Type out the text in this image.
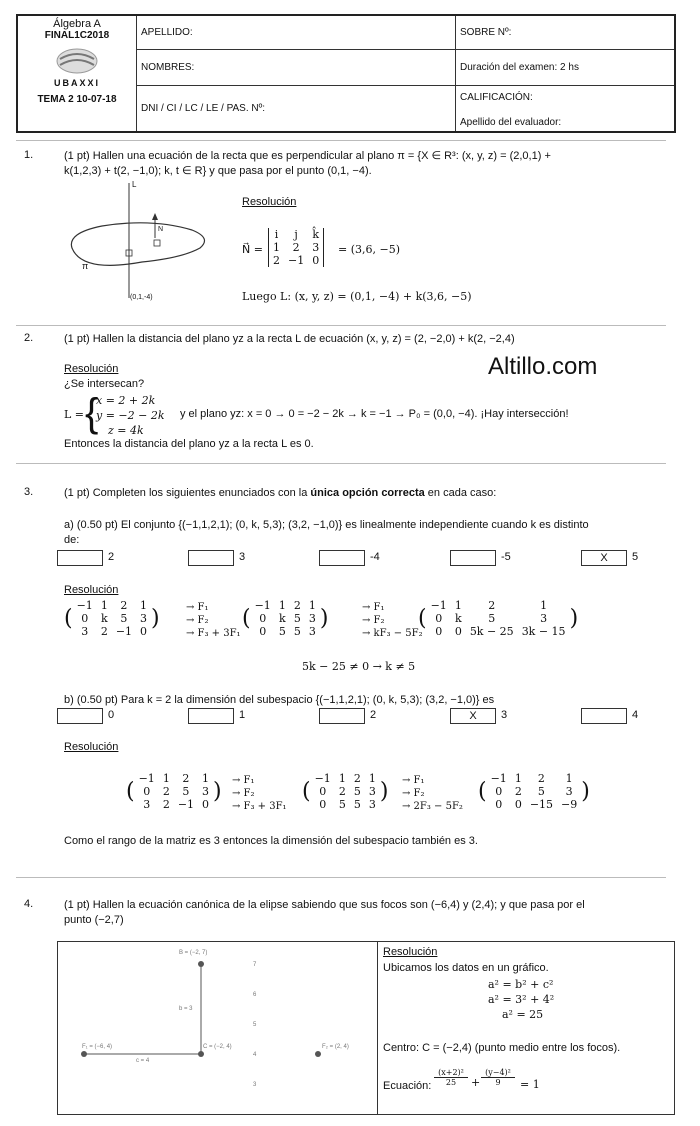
Álgebra A
FINAL1C2018
UBAXXI
TEMA 2 10-07-18	APELLIDO:	SOBRE Nº:
	NOMBRES:	Duración del examen: 2 hs
	DNI / CI / LC / LE / PAS. Nº:	CALIFICACIÓN:
Apellido del evaluador:
1.	(1 pt) Hallen una ecuación de la recta que es perpendicular al plano π = {X ∈ R³: (x, y, z) = (2,0,1) +
k(1,2,3) + t(2, −1,0); k, t ∈ R} y que pasa por el punto (0,1, −4).
L
N
π
(0,1,-4)
Resolución
N⃗ =
i	j	k̂
1	2	3
2	−1	0
= (3,6, −5)
Luego L: (x, y, z) = (0,1, −4) + k(3,6, −5)
2.	(1 pt) Hallen la distancia del plano yz a la recta L de ecuación (x, y, z) = (2, −2,0) + k(2, −2,4)
Resolución
¿Se intersecan?
L = {
x = 2 + 2k
y = −2 − 2k
z = 4k
y el plano yz: x = 0 → 0 = −2 − 2k → k = −1 → P₀ = (0,0, −4). ¡Hay intersección!
Entonces la distancia del plano yz a la recta L es 0.
Altillo.com
3.	(1 pt) Completen los siguientes enunciados con la única opción correcta en cada caso:
a) (0.50 pt) El conjunto {(−1,1,2,1); (0, k, 5,3); (3,2, −1,0)} es linealmente independiente cuando k es distinto
de:
2	3	-4	-5	X	5
Resolución
(−1	1	2	1
0	k	5	3
3	2	−1	0)	→ F₁
→ F₂
→ F₃ + 3F₁
(−1	1	2	1
0	k	5	3
0	5	5	3)	→ F₁
→ F₂
→ kF₃ − 5F₂
(−1	1	2	1
0	k	5	3
0	0	5k − 25	3k − 15)
5k − 25 ≠ 0 → k ≠ 5
b) (0.50 pt) Para k = 2 la dimensión del subespacio {(−1,1,2,1); (0, k, 5,3); (3,2, −1,0)} es
0	1	2	X	3	4
Resolución
(−1	1	2	1
0	2	5	3
3	2	−1	0) → F₁
→ F₂
→ F₃ + 3F₁
(−1	1	2	1
0	2	5	3
0	5	5	3) → F₁
→ F₂
→ 2F₃ − 5F₂
(−1	1	2	1
0	2	5	3
0	0	−15	−9)
Como el rango de la matriz es 3 entonces la dimensión del subespacio también es 3.
4.	(1 pt) Hallen la ecuación canónica de la elipse sabiendo que sus focos son (−6,4) y (2,4); y que pasa por el
punto (−2,7)
B = (−2, 7)
F₁ = (−6, 4)	C = (−2, 4)	F₂ = (2, 4)
b = 3
c = 4
7
6
5
4
3
Resolución
Ubicamos los datos en un gráfico.
a² = b² + c²
a² = 3² + 4²
a² = 25
Centro: C = (−2,4) (punto medio entre los focos).
Ecuación: $\frac{\text{(x+2)²}}{25} + \frac{\text{(y−4)²}}{9} = 1$
